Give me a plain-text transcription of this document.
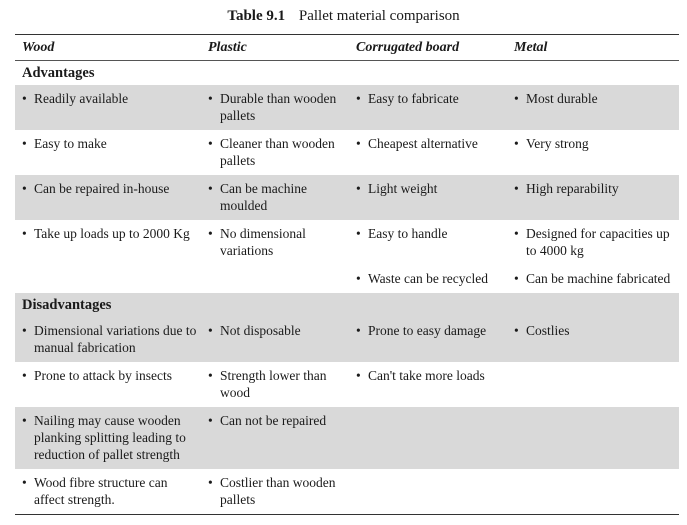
Table 9.1 Pallet material comparison
Wood	Plastic	Corrugated board	Metal
Advantages			

• Readily available	• Durable than wooden pallets	• Easy to fabricate	• Most durable

• Easy to make	• Cleaner than wooden pallets	• Cheapest alternative	• Very strong

• Can be repaired in-house	• Can be machine moulded	• Light weight	• High reparability

• Take up loads up to 2000 Kg	• No dimensional variations	• Easy to handle	• Designed for capacities up to 4000 kg

		• Waste can be recycled	• Can be machine fabricated

Disadvantages			

• Dimensional variations due to manual fabrication	• Not disposable	• Prone to easy damage	• Costlies

• Prone to attack by insects	• Strength lower than wood	• Can't take more loads	

• Nailing may cause wooden planking splitting leading to reduction of pallet strength	• Can not be repaired		

• Wood fibre structure can affect strength.	• Costlier than wooden pallets		
